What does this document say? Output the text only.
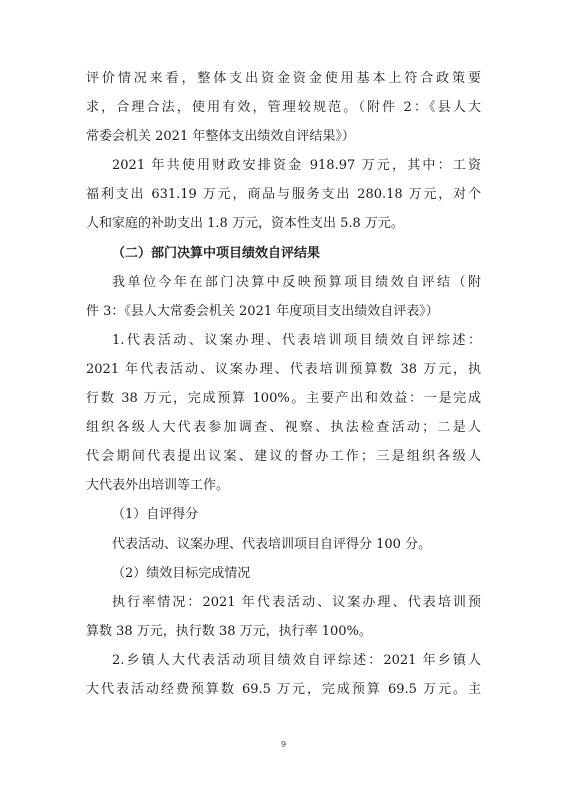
评价情况来看，整体支出资金资金使用基本上符合政策要
求，合理合法，使用有效，管理较规范。（附件 2：《县人大
常委会机关 2021 年整体支出绩效自评结果》）
2021 年共使用财政安排资金 918.97 万元，其中：工资
福利支出 631.19 万元，商品与服务支出 280.18 万元，对个
人和家庭的补助支出 1.8 万元，资本性支出 5.8 万元。
（二）部门决算中项目绩效自评结果
我单位今年在部门决算中反映预算项目绩效自评结（附
件 3：《县人大常委会机关 2021 年度项目支出绩效自评表》）
1.代表活动、议案办理、代表培训项目绩效自评综述：
2021 年代表活动、议案办理、代表培训预算数 38 万元，执
行数 38 万元，完成预算 100%。主要产出和效益：一是完成
组织各级人大代表参加调查、视察、执法检查活动；二是人
代会期间代表提出议案、建议的督办工作；三是组织各级人
大代表外出培训等工作。
（1）自评得分
代表活动、议案办理、代表培训项目自评得分 100 分。
（2）绩效目标完成情况
执行率情况：2021 年代表活动、议案办理、代表培训预
算数 38 万元，执行数 38 万元，执行率 100%。
2.乡镇人大代表活动项目绩效自评综述：2021 年乡镇人
大代表活动经费预算数 69.5 万元，完成预算 69.5 万元。主
9
